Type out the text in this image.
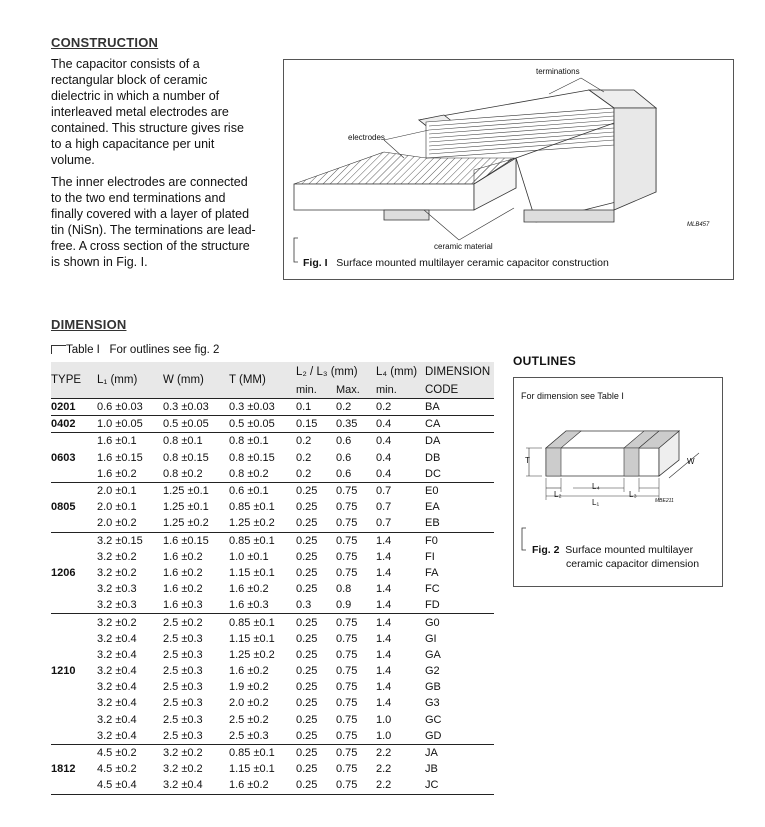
CONSTRUCTION

The capacitor consists of a rectangular block of ceramic dielectric in which a number of interleaved metal electrodes are contained. This structure gives rise to a high capacitance per unit volume.

The inner electrodes are connected to the two end terminations and finally covered with a layer of plated tin (NiSn). The terminations are lead-free. A cross section of the structure is shown in Fig. I.

terminations
electrodes
ceramic material
MLB457
Fig. I Surface mounted multilayer ceramic capacitor construction
DIMENSION
Table I For outlines see fig. 2
TYPE	L₁ (mm)	W (mm)	T (MM)	L₂ / L₃ (mm)		L₄ (mm)	DIMENSION
				min.	Max.	min.	CODE
0201	0.6 ±0.03	0.3 ±0.03	0.3 ±0.03	0.1	0.2	0.2	BA
0402	1.0 ±0.05	0.5 ±0.05	0.5 ±0.05	0.15	0.35	0.4	CA
	1.6 ±0.1	0.8 ±0.1	0.8 ±0.1	0.2	0.6	0.4	DA
0603	1.6 ±0.15	0.8 ±0.15	0.8 ±0.15	0.2	0.6	0.4	DB
	1.6 ±0.2	0.8 ±0.2	0.8 ±0.2	0.2	0.6	0.4	DC
	2.0 ±0.1	1.25 ±0.1	0.6 ±0.1	0.25	0.75	0.7	E0
0805	2.0 ±0.1	1.25 ±0.1	0.85 ±0.1	0.25	0.75	0.7	EA
	2.0 ±0.2	1.25 ±0.2	1.25 ±0.2	0.25	0.75	0.7	EB
	3.2 ±0.15	1.6 ±0.15	0.85 ±0.1	0.25	0.75	1.4	F0
	3.2 ±0.2	1.6 ±0.2	1.0 ±0.1	0.25	0.75	1.4	FI
1206	3.2 ±0.2	1.6 ±0.2	1.15 ±0.1	0.25	0.75	1.4	FA
	3.2 ±0.3	1.6 ±0.2	1.6 ±0.2	0.25	0.8	1.4	FC
	3.2 ±0.3	1.6 ±0.3	1.6 ±0.3	0.3	0.9	1.4	FD
	3.2 ±0.2	2.5 ±0.2	0.85 ±0.1	0.25	0.75	1.4	G0
	3.2 ±0.4	2.5 ±0.3	1.15 ±0.1	0.25	0.75	1.4	GI
	3.2 ±0.4	2.5 ±0.3	1.25 ±0.2	0.25	0.75	1.4	GA
1210	3.2 ±0.4	2.5 ±0.3	1.6 ±0.2	0.25	0.75	1.4	G2
	3.2 ±0.4	2.5 ±0.3	1.9 ±0.2	0.25	0.75	1.4	GB
	3.2 ±0.4	2.5 ±0.3	2.0 ±0.2	0.25	0.75	1.4	G3
	3.2 ±0.4	2.5 ±0.3	2.5 ±0.2	0.25	0.75	1.0	GC
	3.2 ±0.4	2.5 ±0.3	2.5 ±0.3	0.25	0.75	1.0	GD
	4.5 ±0.2	3.2 ±0.2	0.85 ±0.1	0.25	0.75	2.2	JA
1812	4.5 ±0.2	3.2 ±0.2	1.15 ±0.1	0.25	0.75	2.2	JB
	4.5 ±0.4	3.2 ±0.4	1.6 ±0.2	0.25	0.75	2.2	JC
OUTLINES
For dimension see Table I
T	W
L₂
L₄
L₃
L₁	MBE211
Fig. 2 Surface mounted multilayer
ceramic capacitor dimension
